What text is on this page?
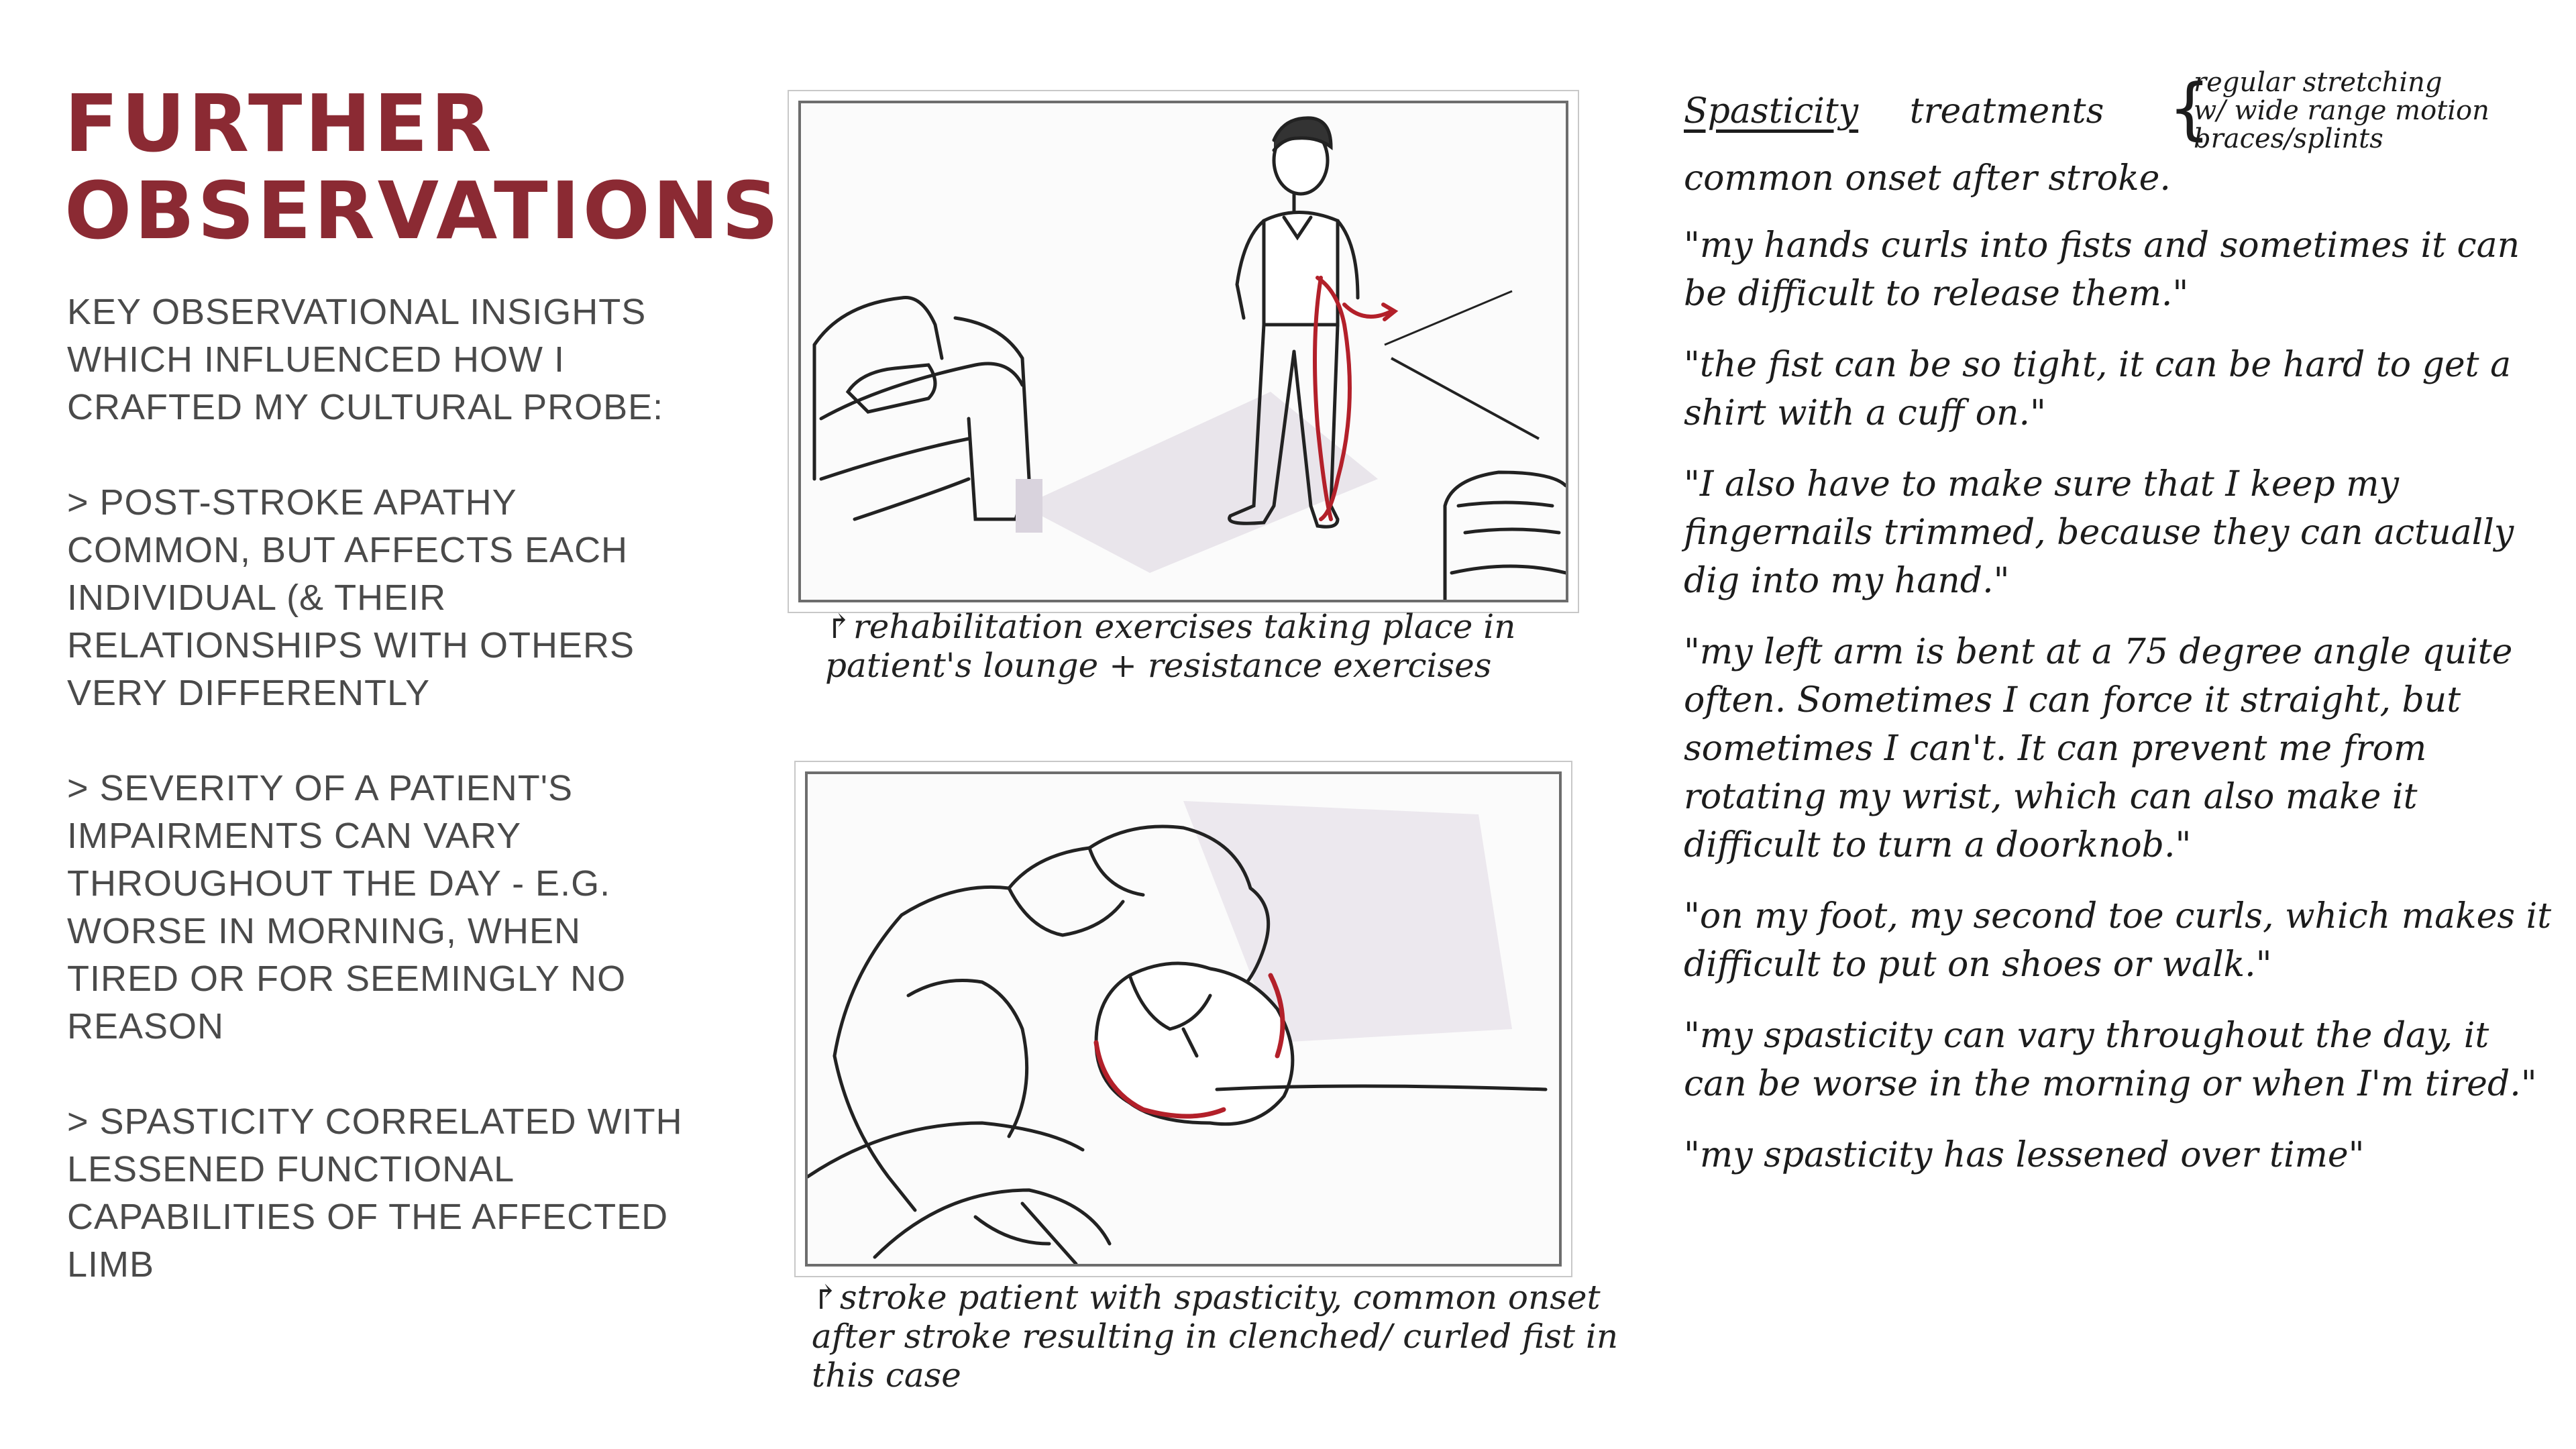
FURTHER
OBSERVATIONS

KEY OBSERVATIONAL INSIGHTS WHICH INFLUENCED HOW I CRAFTED MY CULTURAL PROBE:

> POST-STROKE APATHY COMMON, BUT AFFECTS EACH INDIVIDUAL (& THEIR RELATIONSHIPS WITH OTHERS VERY DIFFERENTLY

> SEVERITY OF A PATIENT'S IMPAIRMENTS CAN VARY THROUGHOUT THE DAY - E.G. WORSE IN MORNING, WHEN TIRED OR FOR SEEMINGLY NO REASON

> SPASTICITY CORRELATED WITH LESSENED FUNCTIONAL CAPABILITIES OF THE AFFECTED LIMB

↱rehabilitation exercises taking place in patient's lounge + resistance exercises

↱stroke patient with spasticity, common onset after stroke resulting in clenched/ curled fist in this case

Spasticity treatments {
regular stretching
w/ wide range motion
braces/splints

common onset after stroke.

"my hands curls into fists and sometimes it can be difficult to release them."

"the fist can be so tight, it can be hard to get a shirt with a cuff on."

"I also have to make sure that I keep my fingernails trimmed, because they can actually dig into my hand."

"my left arm is bent at a 75 degree angle quite often. Sometimes I can force it straight, but sometimes I can't. It can prevent me from rotating my wrist, which can also make it difficult to turn a doorknob."

"on my foot, my second toe curls, which makes it difficult to put on shoes or walk."

"my spasticity can vary throughout the day, it can be worse in the morning or when I'm tired."

"my spasticity has lessened over time"
